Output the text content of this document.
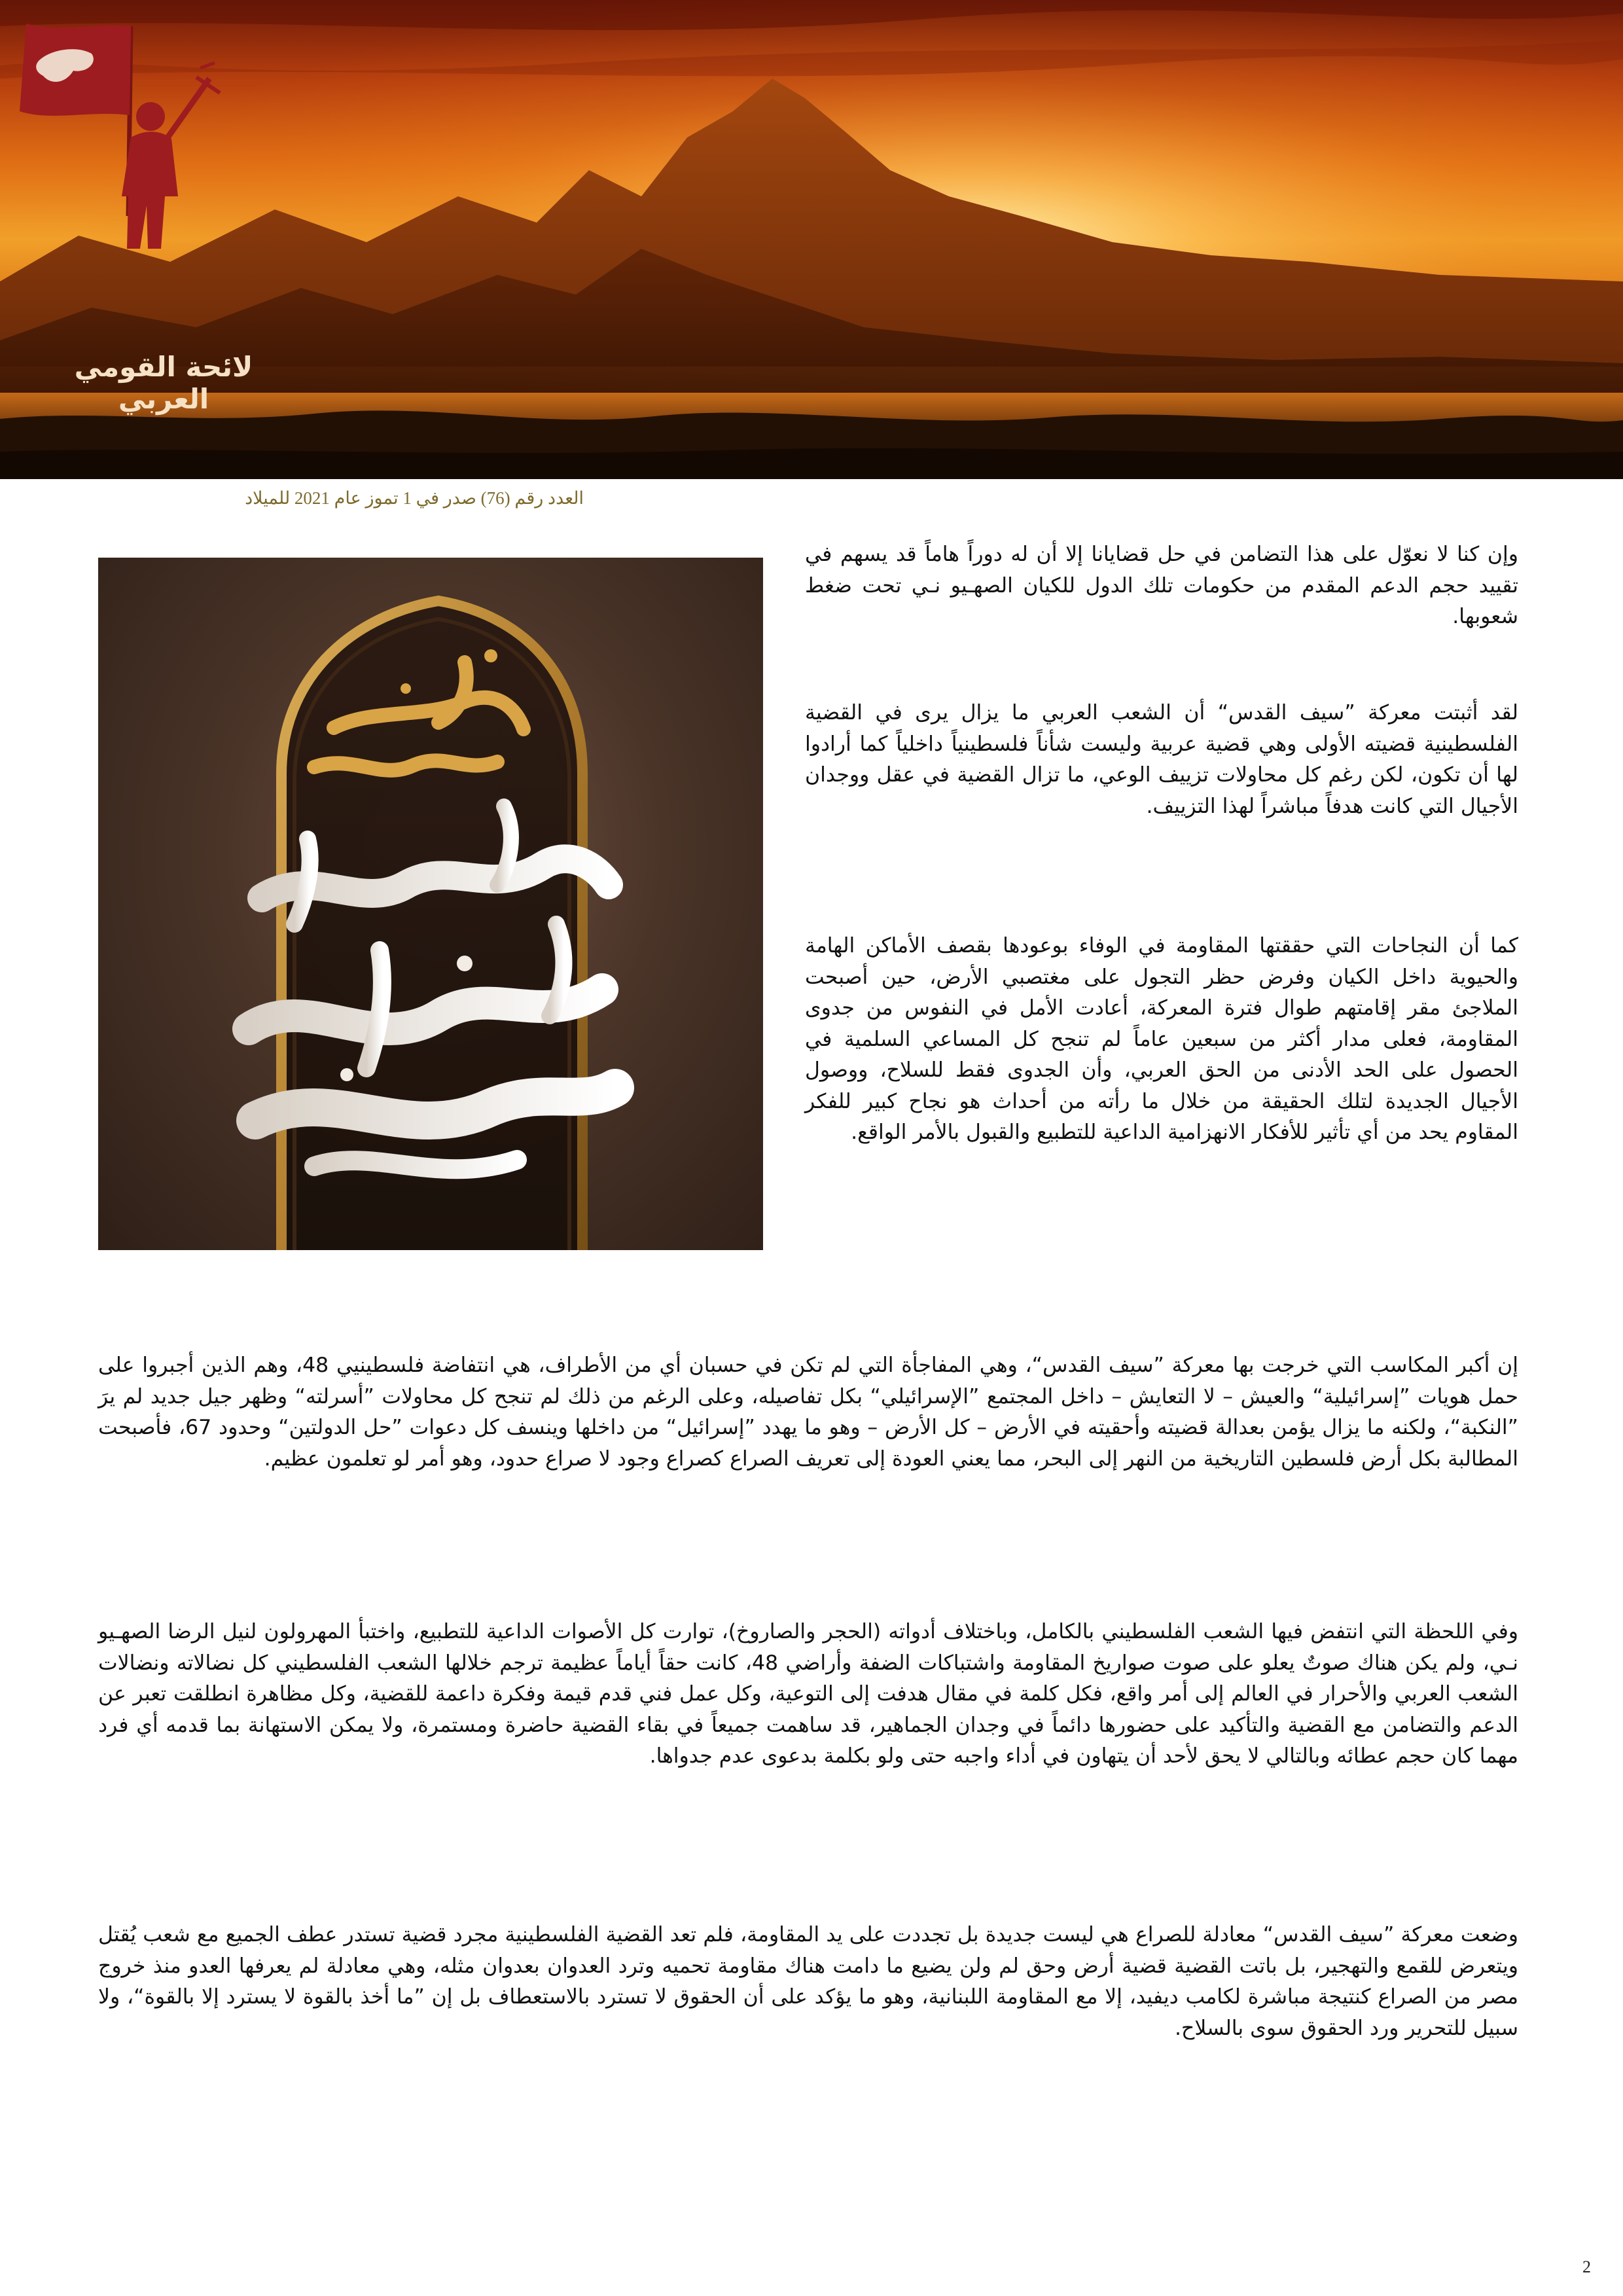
لائحة القومي العربي
العدد رقم (76) صدر في 1 تموز عام 2021 للميلاد

وإن كنا لا نعوّل على هذا التضامن في حل قضايانا إلا أن له دوراً هاماً قد يسهم في تقييد حجم الدعم المقدم من حكومات تلك الدول للكيان الصهـيو نـي تحت ضغط شعوبها.

لقد أثبتت معركة ”سيف القدس“ أن الشعب العربي ما يزال يرى في القضية الفلسطينية قضيته الأولى وهي قضية عربية وليست شأناً فلسطينياً داخلياً كما أرادوا لها أن تكون، لكن رغم كل محاولات تزييف الوعي، ما تزال القضية في عقل ووجدان الأجيال التي كانت هدفاً مباشراً لهذا التزييف.

كما أن النجاحات التي حققتها المقاومة في الوفاء بوعودها بقصف الأماكن الهامة والحيوية داخل الكيان وفرض حظر التجول على مغتصبي الأرض، حين أصبحت الملاجئ مقر إقامتهم طوال فترة المعركة، أعادت الأمل في النفوس من جدوى المقاومة، فعلى مدار أكثر من سبعين عاماً لم تنجح كل المساعي السلمية في الحصول على الحد الأدنى من الحق العربي، وأن الجدوى فقط للسلاح، ووصول الأجيال الجديدة لتلك الحقيقة من خلال ما رأته من أحداث هو نجاح كبير للفكر المقاوم يحد من أي تأثير للأفكار الانهزامية الداعية للتطبيع والقبول بالأمر الواقع.

إن أكبر المكاسب التي خرجت بها معركة ”سيف القدس“، وهي المفاجأة التي لم تكن في حسبان أي من الأطراف، هي انتفاضة فلسطينيي 48، وهم الذين أجبروا على حمل هويات ”إسرائيلية“ والعيش – لا التعايش – داخل المجتمع ”الإسرائيلي“ بكل تفاصيله، وعلى الرغم من ذلك لم تنجح كل محاولات ”أسرلته“ وظهر جيل جديد لم يرَ ”النكبة“، ولكنه ما يزال يؤمن بعدالة قضيته وأحقيته في الأرض – كل الأرض – وهو ما يهدد ”إسرائيل“ من داخلها وينسف كل دعوات ”حل الدولتين“ وحدود 67، فأصبحت المطالبة بكل أرض فلسطين التاريخية من النهر إلى البحر، مما يعني العودة إلى تعريف الصراع كصراع وجود لا صراع حدود، وهو أمر لو تعلمون عظيم.

وفي اللحظة التي انتفض فيها الشعب الفلسطيني بالكامل، وباختلاف أدواته (الحجر والصاروخ)، توارت كل الأصوات الداعية للتطبيع، واختبأ المهرولون لنيل الرضا الصهـيو نـي، ولم يكن هناك صوتٌ يعلو على صوت صواريخ المقاومة واشتباكات الضفة وأراضي 48، كانت حقاً أياماً عظيمة ترجم خلالها الشعب الفلسطيني كل نضالاته ونضالات الشعب العربي والأحرار في العالم إلى أمر واقع، فكل كلمة في مقال هدفت إلى التوعية، وكل عمل فني قدم قيمة وفكرة داعمة للقضية، وكل مظاهرة انطلقت تعبر عن الدعم والتضامن مع القضية والتأكيد على حضورها دائماً في وجدان الجماهير، قد ساهمت جميعاً في بقاء القضية حاضرة ومستمرة، ولا يمكن الاستهانة بما قدمه أي فرد مهما كان حجم عطائه وبالتالي لا يحق لأحد أن يتهاون في أداء واجبه حتى ولو بكلمة بدعوى عدم جدواها.

وضعت معركة ”سيف القدس“ معادلة للصراع هي ليست جديدة بل تجددت على يد المقاومة، فلم تعد القضية الفلسطينية مجرد قضية تستدر عطف الجميع مع شعب يُقتل ويتعرض للقمع والتهجير، بل باتت القضية قضية أرض وحق لم ولن يضيع ما دامت هناك مقاومة تحميه وترد العدوان بعدوان مثله، وهي معادلة لم يعرفها العدو منذ خروج مصر من الصراع كنتيجة مباشرة لكامب ديفيد، إلا مع المقاومة اللبنانية، وهو ما يؤكد على أن الحقوق لا تسترد بالاستعطاف بل إن ”ما أخذ بالقوة لا يسترد إلا بالقوة“، ولا سبيل للتحرير ورد الحقوق سوى بالسلاح.

2
